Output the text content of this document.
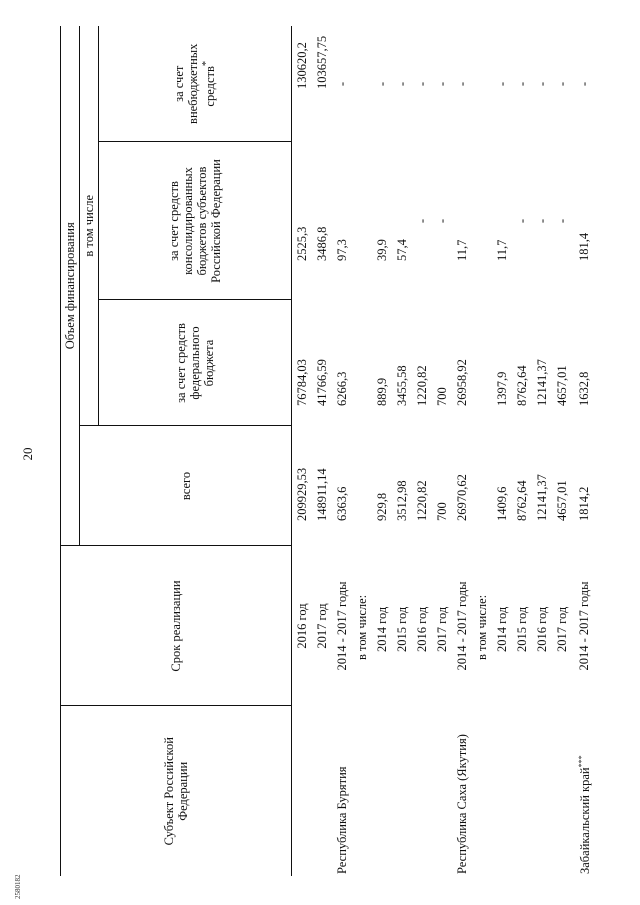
2580182
20
Субъект Российской Федерации	Срок реализации	Объем финансирования			
		всего	в том числе		
			за счет средств федерального бюджета	за счет средств консолидированных бюджетов субъектов Российской Федерации	за счет внебюджетных средств*
	2016 год	209929,53	76784,03	2525,3	130620,2
	2017 год	148911,14	41766,59	3486,8	103657,75
Республика Бурятия	2014 - 2017 годы	6363,6	6266,3	97,3	-
	в том числе:				
	2014 год	929,8	889,9	39,9	-
	2015 год	3512,98	3455,58	57,4	-
	2016 год	1220,82	1220,82	-	-
	2017 год	700	700	-	-
Республика Саха (Якутия)	2014 - 2017 годы	26970,62	26958,92	11,7	-
	в том числе:				
	2014 год	1409,6	1397,9	11,7	-
	2015 год	8762,64	8762,64	-	-
	2016 год	12141,37	12141,37	-	-
	2017 год	4657,01	4657,01	-	-
Забайкальский край***	2014 - 2017 годы	1814,2	1632,8	181,4	-
